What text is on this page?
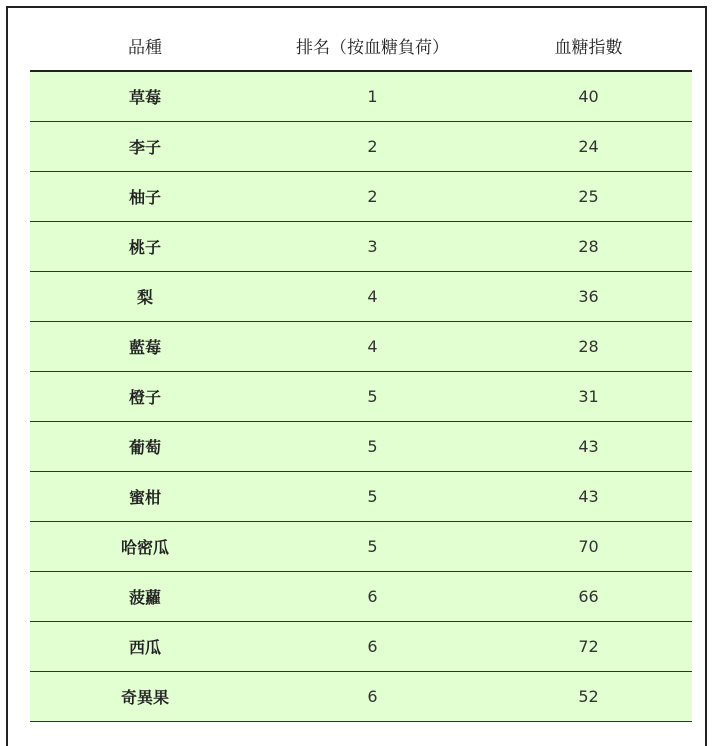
品種	排名（按血糖負荷）	血糖指數
草莓	1	40
李子	2	24
柚子	2	25
桃子	3	28
梨	4	36
藍莓	4	28
橙子	5	31
葡萄	5	43
蜜柑	5	43
哈密瓜	5	70
菠蘿	6	66
西瓜	6	72
奇異果	6	52
